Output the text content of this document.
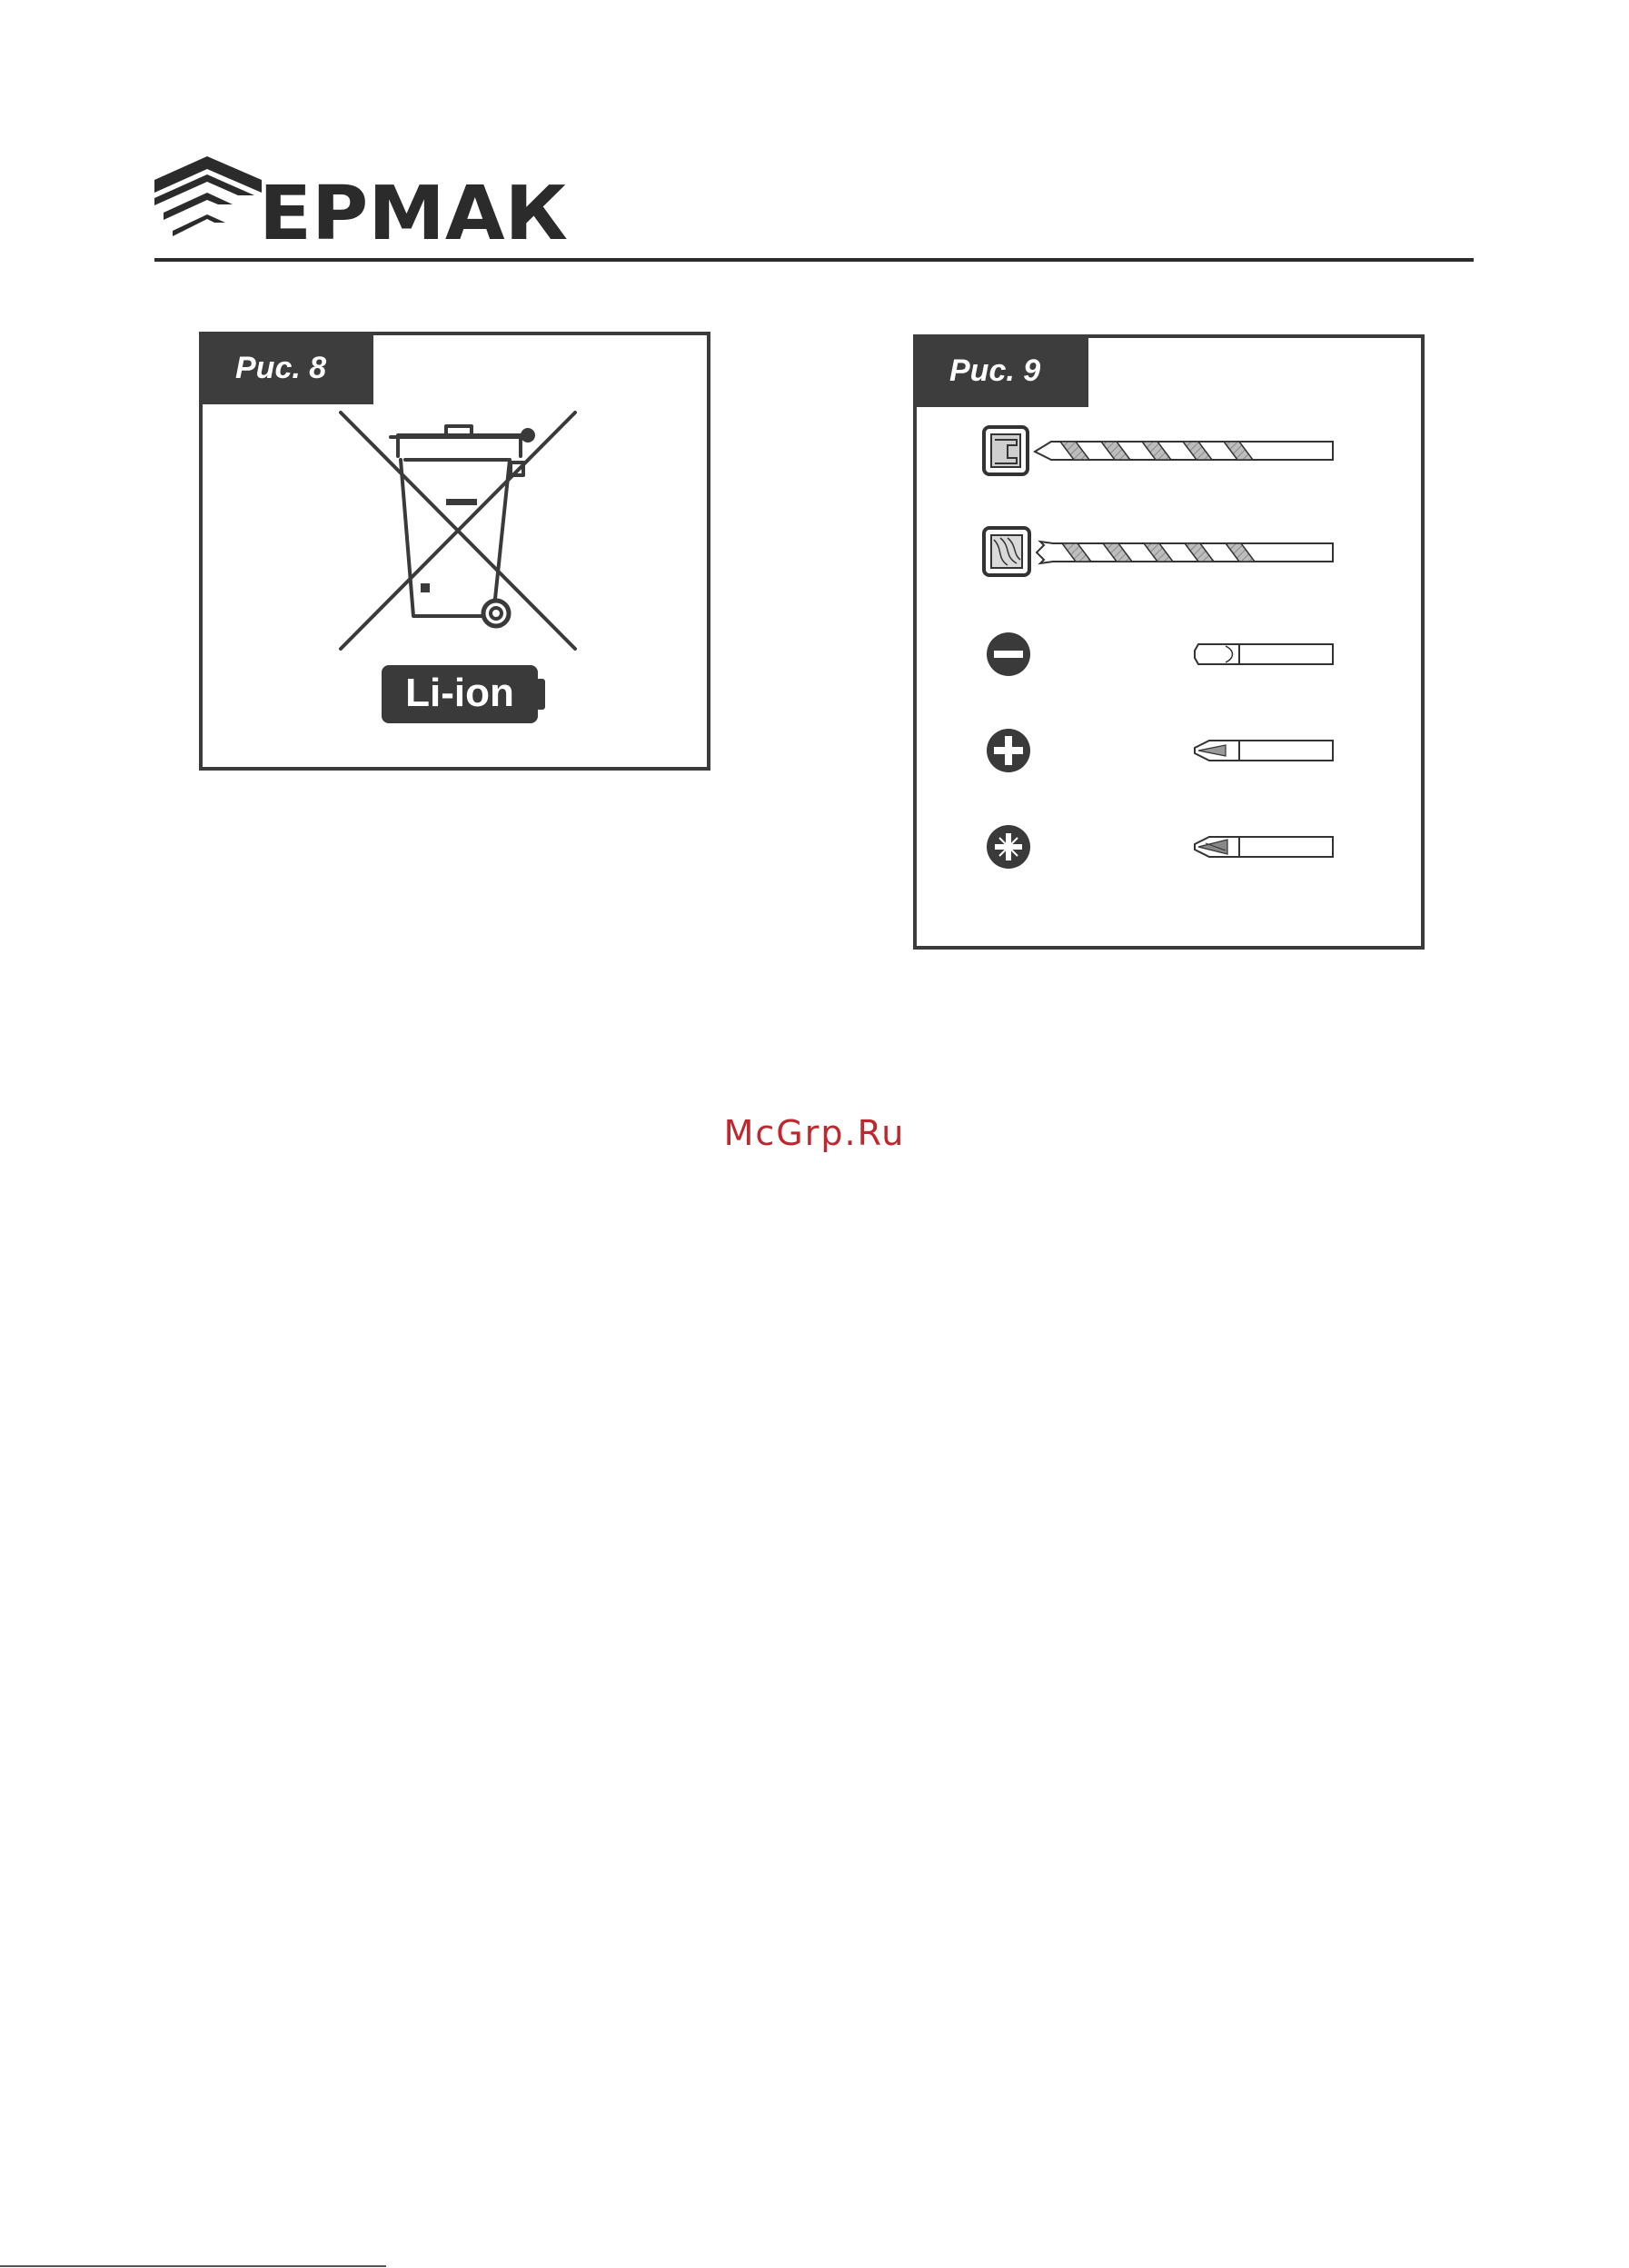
ЕРМАК
Рис. 8
Li-ion
Рис. 9
McGrp.Ru
